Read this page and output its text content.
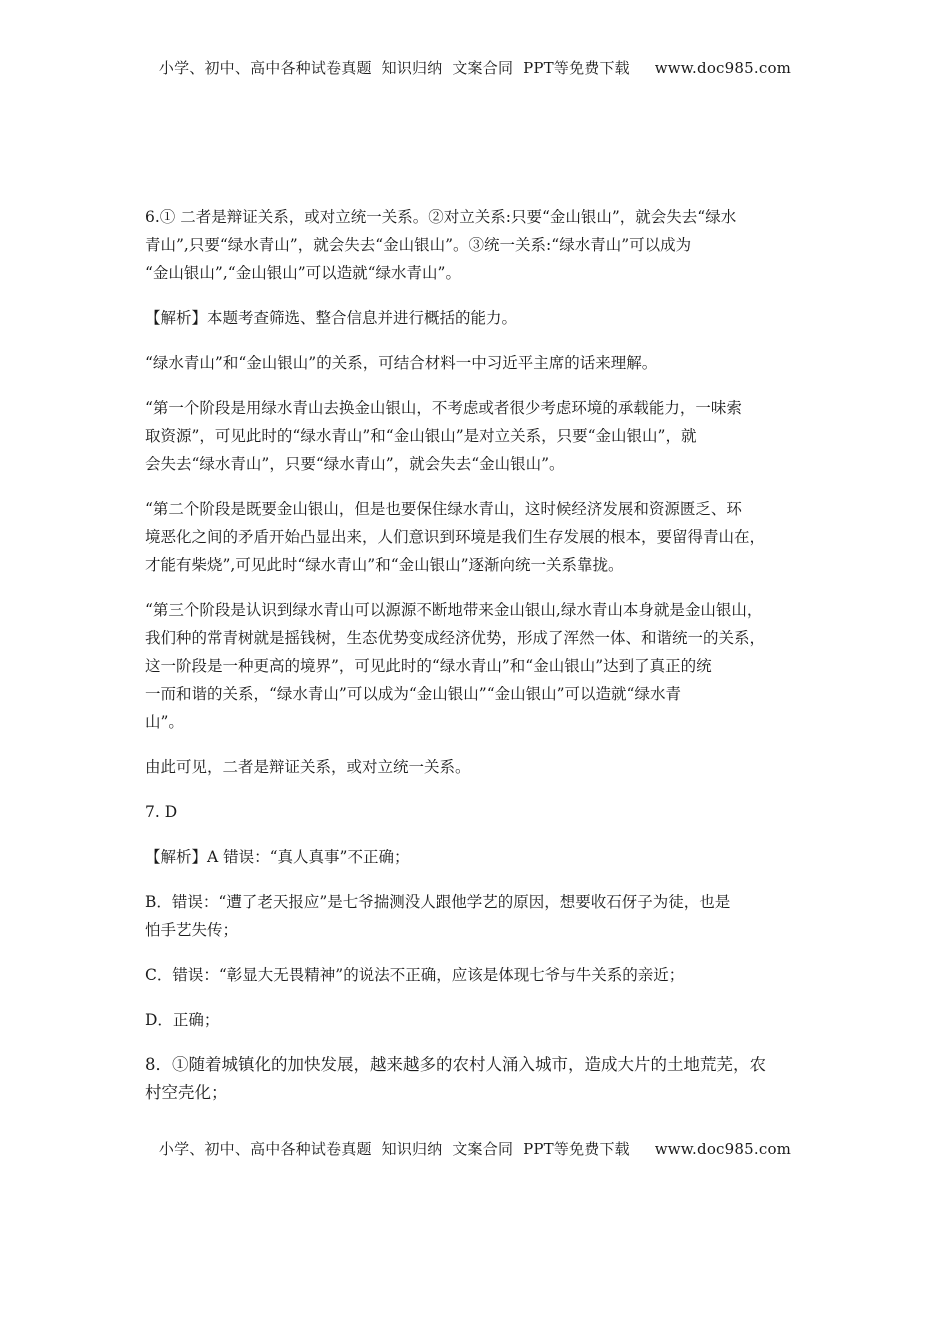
小学、初中、高中各种试卷真题  知识归纳  文案合同  PPT等免费下载     www.doc985.com
6.① 二者是辩证关系，或对立统一关系。②对立关系:只要“金山银山”，就会失去“绿水
青山”,只要“绿水青山”，就会失去“金山银山”。③统一关系:“绿水青山”可以成为
“金山银山”,“金山银山”可以造就“绿水青山”。
【解析】本题考查筛选、整合信息并进行概括的能力。
“绿水青山”和“金山银山”的关系，可结合材料一中习近平主席的话来理解。
“第一个阶段是用绿水青山去换金山银山，不考虑或者很少考虑环境的承载能力，一味索
取资源”，可见此时的“绿水青山”和“金山银山”是对立关系，只要“金山银山”，就
会失去“绿水青山”，只要“绿水青山”，就会失去“金山银山”。
“第二个阶段是既要金山银山，但是也要保住绿水青山，这时候经济发展和资源匮乏、环
境恶化之间的矛盾开始凸显出来，人们意识到环境是我们生存发展的根本，要留得青山在，
才能有柴烧”,可见此时“绿水青山”和“金山银山”逐渐向统一关系靠拢。
“第三个阶段是认识到绿水青山可以源源不断地带来金山银山,绿水青山本身就是金山银山，
我们种的常青树就是摇钱树，生态优势变成经济优势，形成了浑然一体、和谐统一的关系，
这一阶段是一种更高的境界”，可见此时的“绿水青山”和“金山银山”达到了真正的统
一而和谐的关系，“绿水青山”可以成为“金山银山”“金山银山”可以造就“绿水青
山”。
由此可见，二者是辩证关系，或对立统一关系。
7. D
【解析】A 错误：“真人真事”不正确；
B．错误：“遭了老天报应”是七爷揣测没人跟他学艺的原因，想要收石伢子为徒，也是
怕手艺失传；
C．错误：“彰显大无畏精神”的说法不正确，应该是体现七爷与牛关系的亲近；
D．正确；
8．①随着城镇化的加快发展，越来越多的农村人涌入城市，造成大片的土地荒芜，农
村空壳化；
小学、初中、高中各种试卷真题  知识归纳  文案合同  PPT等免费下载     www.doc985.com
